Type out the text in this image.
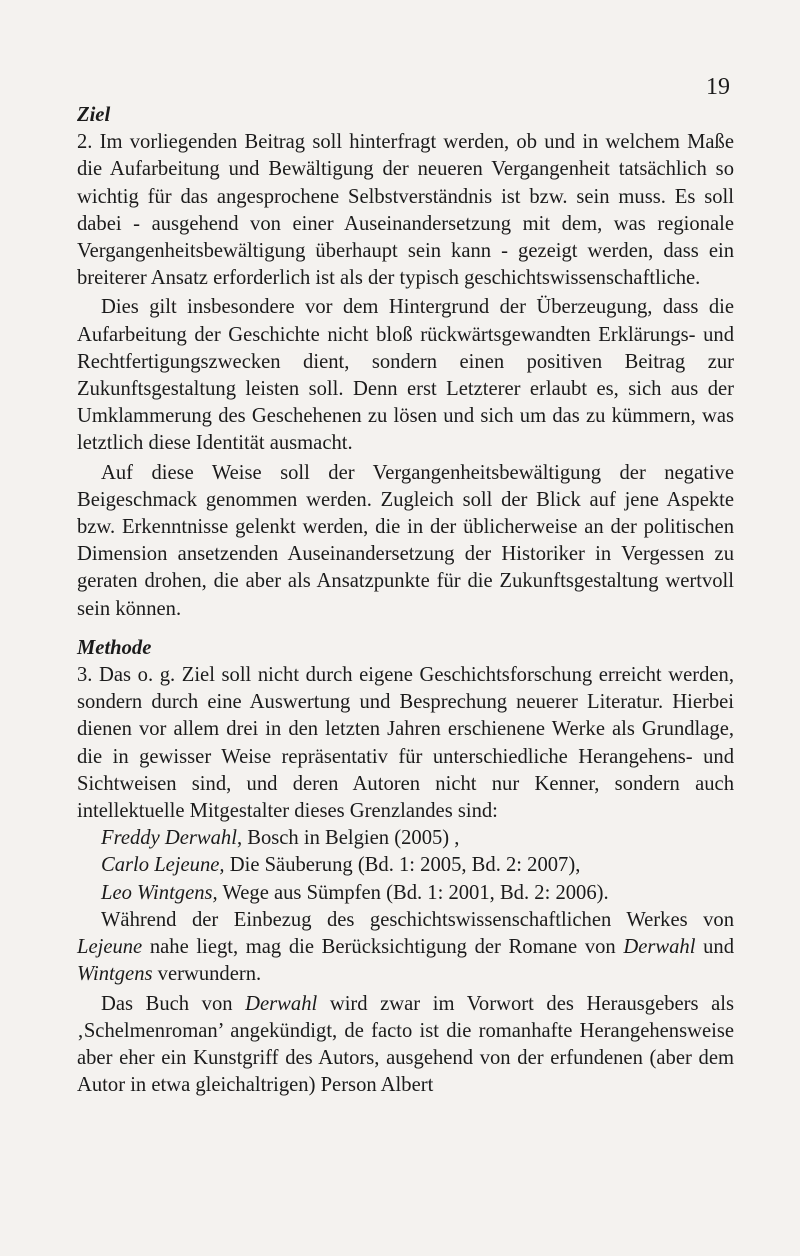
19
Ziel

2. Im vorliegenden Beitrag soll hinterfragt werden, ob und in welchem Maße die Aufarbeitung und Bewältigung der neueren Vergangenheit tatsächlich so wichtig für das angesprochene Selbstverständnis ist bzw. sein muss. Es soll dabei - ausgehend von einer Auseinandersetzung mit dem, was regionale Vergangenheitsbewältigung überhaupt sein kann - gezeigt werden, dass ein breiterer Ansatz erforderlich ist als der typisch geschichtswissenschaftliche.

Dies gilt insbesondere vor dem Hintergrund der Überzeugung, dass die Aufarbeitung der Geschichte nicht bloß rückwärtsgewandten Erklärungs- und Rechtfertigungszwecken dient, sondern einen positiven Beitrag zur Zukunftsgestaltung leisten soll. Denn erst Letzterer erlaubt es, sich aus der Umklammerung des Geschehenen zu lösen und sich um das zu kümmern, was letztlich diese Identität ausmacht.

Auf diese Weise soll der Vergangenheitsbewältigung der negative Beigeschmack genommen werden. Zugleich soll der Blick auf jene Aspekte bzw. Erkenntnisse gelenkt werden, die in der üblicherweise an der politischen Dimension ansetzenden Auseinandersetzung der Historiker in Vergessen zu geraten drohen, die aber als Ansatzpunkte für die Zukunftsgestaltung wertvoll sein können.

Methode

3. Das o. g. Ziel soll nicht durch eigene Geschichtsforschung erreicht werden, sondern durch eine Auswertung und Besprechung neuerer Literatur. Hierbei dienen vor allem drei in den letzten Jahren erschienene Werke als Grundlage, die in gewisser Weise repräsentativ für unterschiedliche Herangehens- und Sichtweisen sind, und deren Autoren nicht nur Kenner, sondern auch intellektuelle Mitgestalter dieses Grenzlandes sind:

Freddy Derwahl, Bosch in Belgien (2005) ,

Carlo Lejeune, Die Säuberung (Bd. 1: 2005, Bd. 2: 2007),

Leo Wintgens, Wege aus Sümpfen (Bd. 1: 2001, Bd. 2: 2006).

Während der Einbezug des geschichtswissenschaftlichen Werkes von Lejeune nahe liegt, mag die Berücksichtigung der Romane von Derwahl und Wintgens verwundern.

Das Buch von Derwahl wird zwar im Vorwort des Herausgebers als ‚Schelmenroman’ angekündigt, de facto ist die romanhafte Herangehensweise aber eher ein Kunstgriff des Autors, ausgehend von der erfundenen (aber dem Autor in etwa gleichaltrigen) Person Albert
